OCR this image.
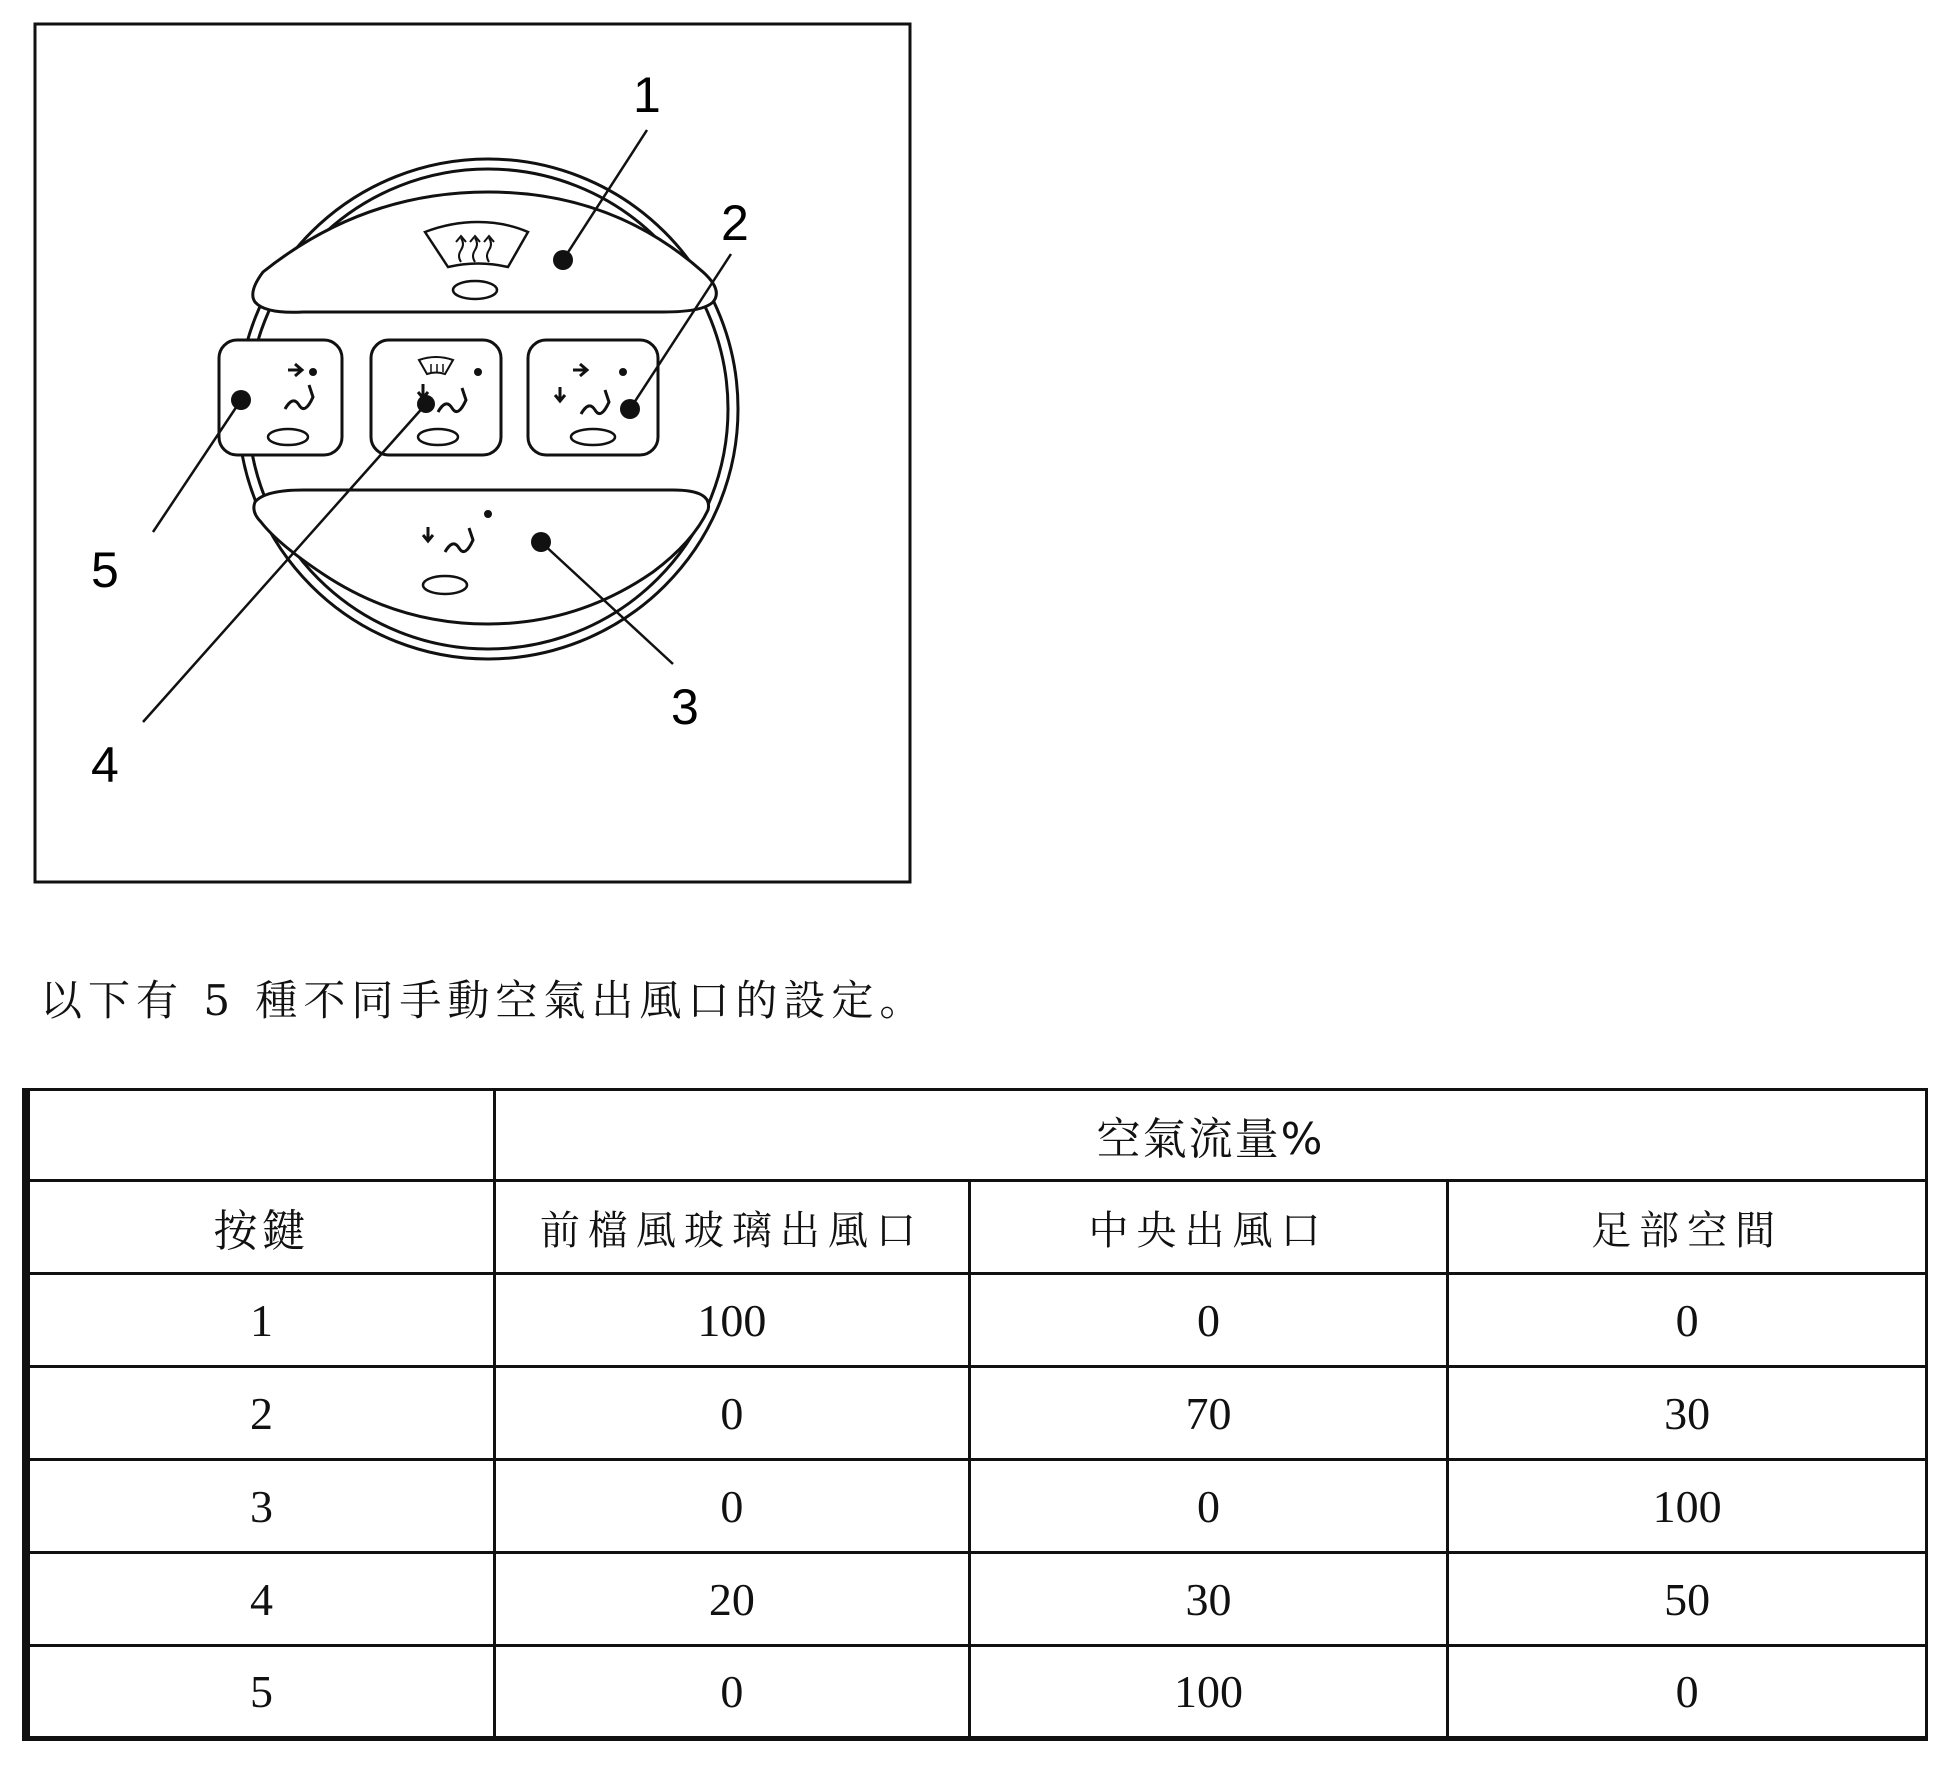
1
2
3
4
5
以下有 5 種不同手動空氣出風口的設定。
	空氣流量%		
按鍵	前檔風玻璃出風口	中央出風口	足部空間
1	100	0	0
2	0	70	30
3	0	0	100
4	20	30	50
5	0	100	0
